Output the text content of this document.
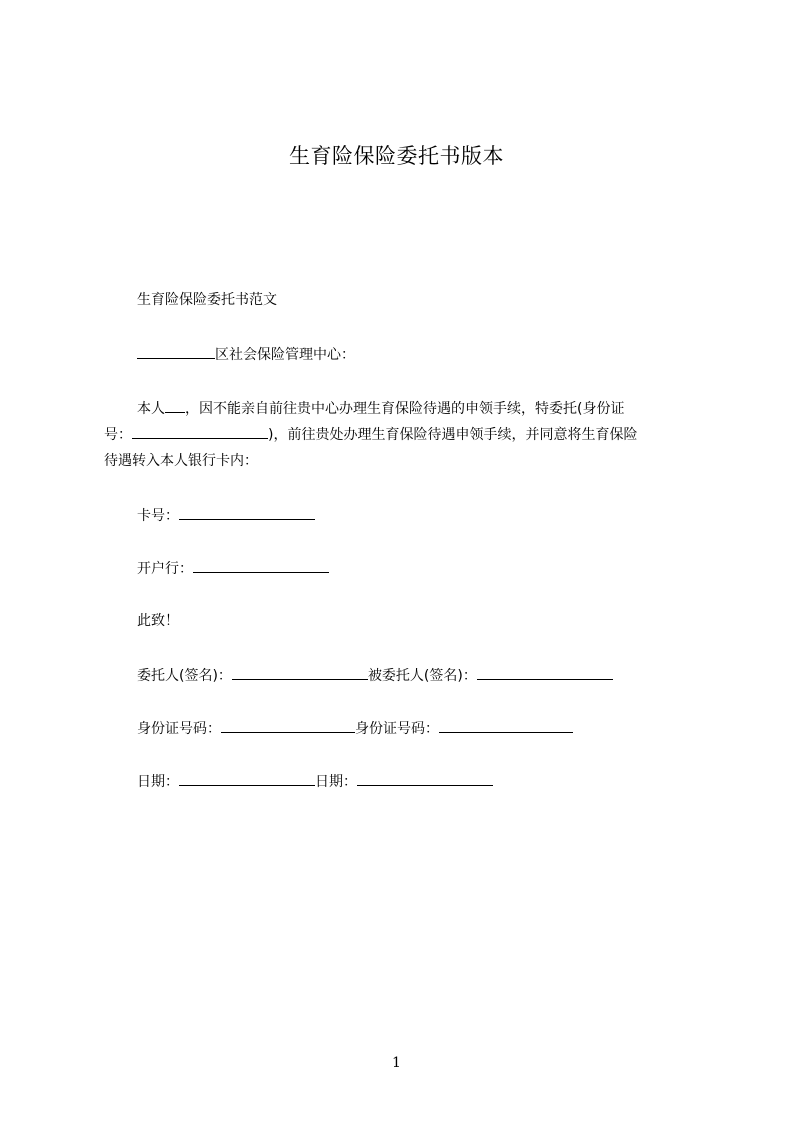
生育险保险委托书版本
生育险保险委托书范文
区社会保险管理中心：

本人 ，因不能亲自前往贵中心办理生育保险待遇的申领手续，特委托(身份证

号：	)，前往贵处办理生育保险待遇申领手续，并同意将生育保险

待遇转入本人银行卡内：

卡号：
开户行：
此致！
委托人(签名)：	被委托人(签名)：
身份证号码：	身份证号码：
日期：	日期：
1
